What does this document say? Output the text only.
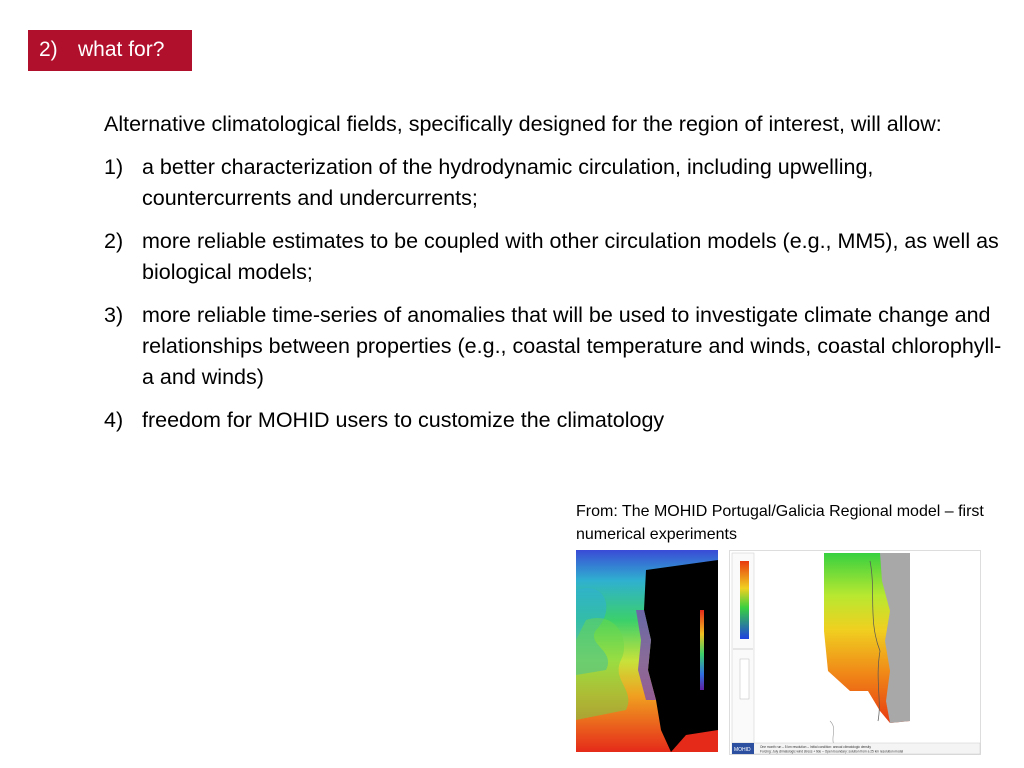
2) what for?

Alternative climatological fields, specifically designed for the region of interest, will allow:

1) a better characterization of the hydrodynamic circulation, including upwelling, countercurrents and undercurrents;
2) more reliable estimates to be coupled with other circulation models (e.g., MM5), as well as biological models;
3) more reliable time-series of anomalies that will be used to investigate climate change and relationships between properties (e.g., coastal temperature and winds, coastal chlorophyll-a and winds)
4) freedom for MOHID users to customize the climatology
From: The MOHID Portugal/Galicia Regional model – first numerical experiments
MOHID	One month run – 5 km resolution – Initial condition: annual climatologic density
Forcing: July climatologic wind stress + tide – Open boundary: solution from a 25 km resolution model
